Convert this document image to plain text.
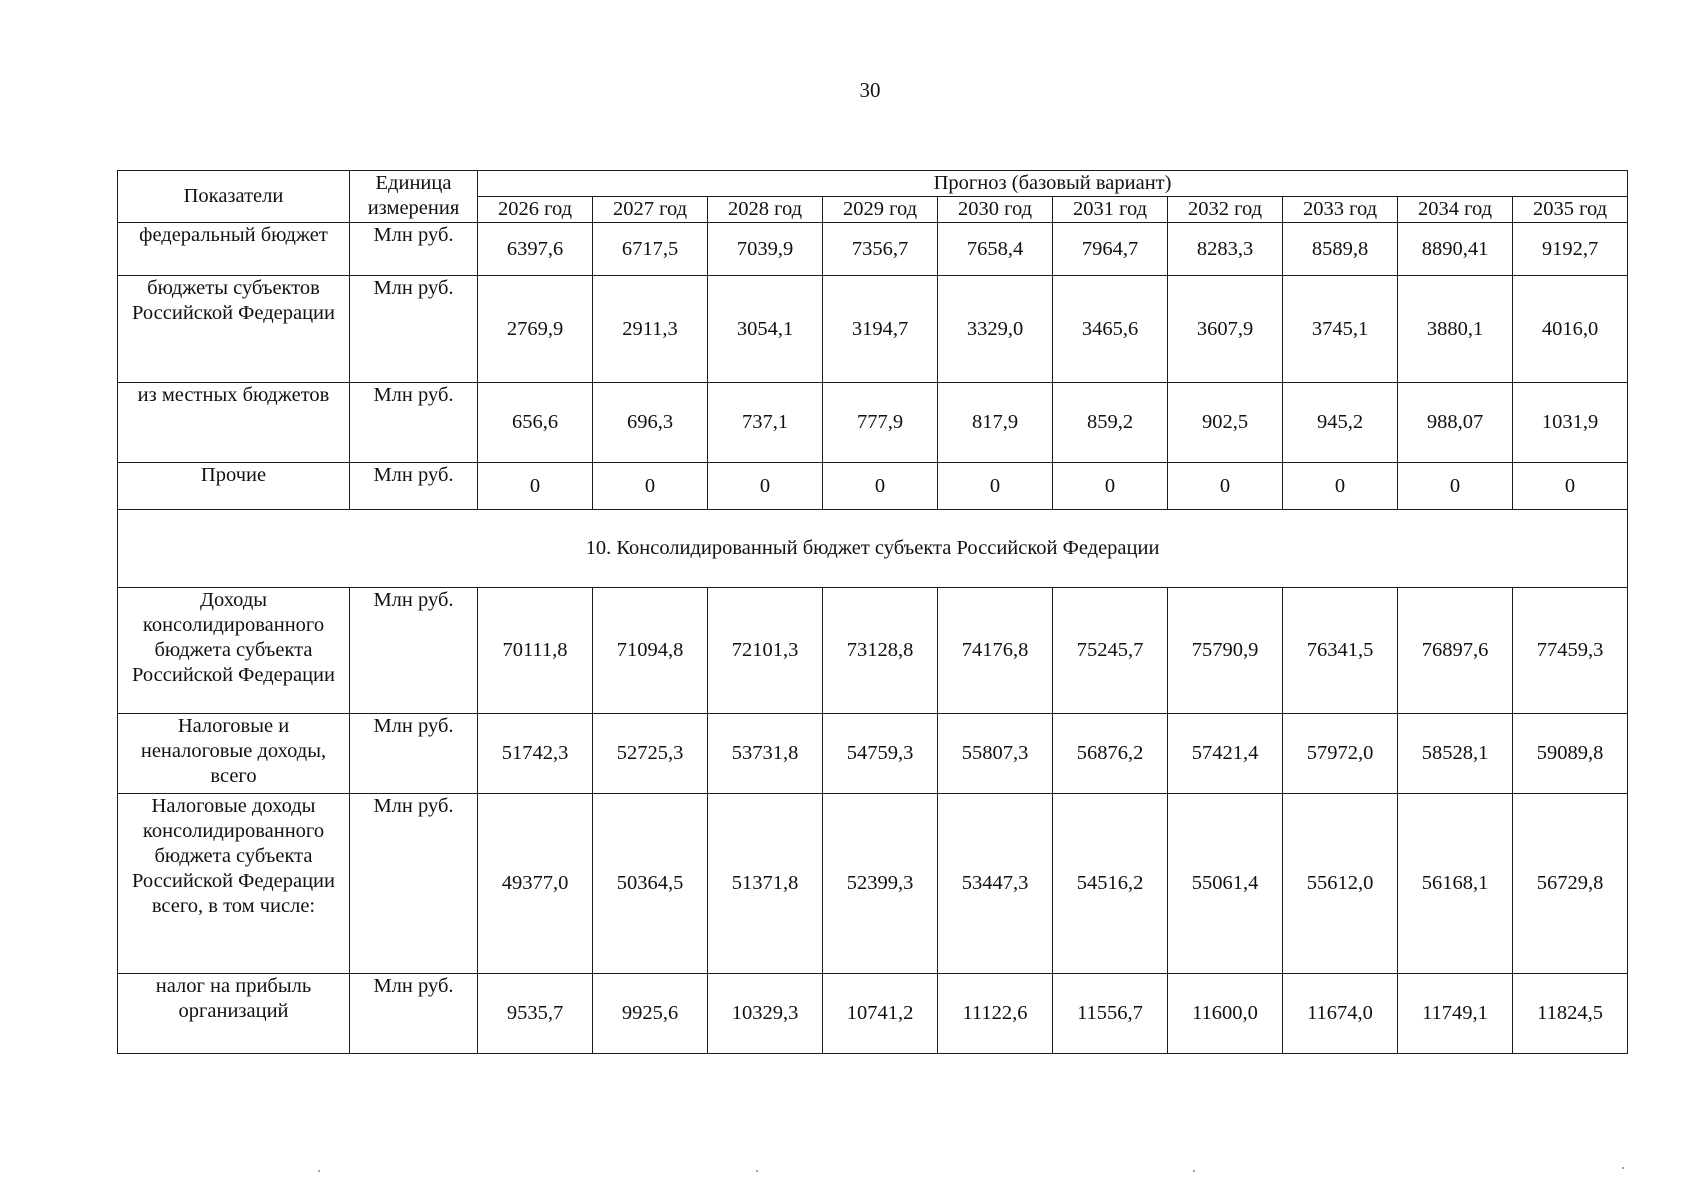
30
Показатели	Единица измерения	Прогноз (базовый вариант)									
		2026 год	2027 год	2028 год	2029 год	2030 год	2031 год	2032 год	2033 год	2034 год	2035 год
федеральный бюджет	Млн руб.	6397,6	6717,5	7039,9	7356,7	7658,4	7964,7	8283,3	8589,8	8890,41	9192,7
бюджеты субъектов Российской Федерации	Млн руб.	2769,9	2911,3	3054,1	3194,7	3329,0	3465,6	3607,9	3745,1	3880,1	4016,0
из местных бюджетов	Млн руб.	656,6	696,3	737,1	777,9	817,9	859,2	902,5	945,2	988,07	1031,9
Прочие	Млн руб.	0	0	0	0	0	0	0	0	0	0
10. Консолидированный бюджет субъекта Российской Федерации											
Доходы консолидированного бюджета субъекта Российской Федерации	Млн руб.	70111,8	71094,8	72101,3	73128,8	74176,8	75245,7	75790,9	76341,5	76897,6	77459,3
Налоговые и неналоговые доходы, всего	Млн руб.	51742,3	52725,3	53731,8	54759,3	55807,3	56876,2	57421,4	57972,0	58528,1	59089,8
Налоговые доходы консолидированного бюджета субъекта Российской Федерации всего, в том числе:	Млн руб.	49377,0	50364,5	51371,8	52399,3	53447,3	54516,2	55061,4	55612,0	56168,1	56729,8
налог на прибыль организаций	Млн руб.	9535,7	9925,6	10329,3	10741,2	11122,6	11556,7	11600,0	11674,0	11749,1	11824,5
